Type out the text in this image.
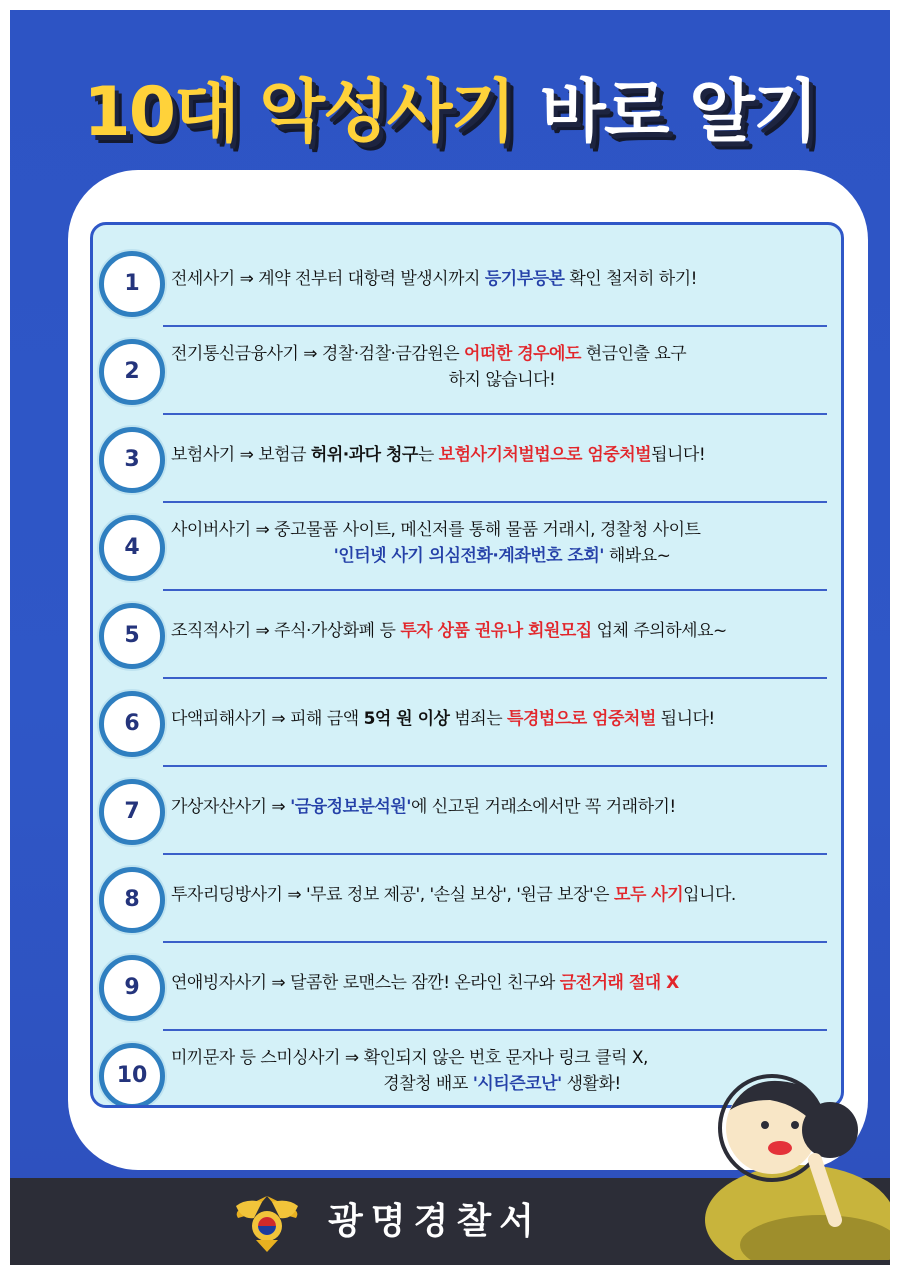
10대 악성사기 바로 알기
1	전세사기 ⇒ 계약 전부터 대항력 발생시까지 등기부등본 확인 철저히 하기!
2
전기통신금융사기 ⇒ 경찰·검찰·금감원은 어떠한 경우에도 현금인출 요구
하지 않습니다!
3	보험사기 ⇒ 보험금 허위·과다 청구는 보험사기처벌법으로 엄중처벌됩니다!
4
사이버사기 ⇒ 중고물품 사이트, 메신저를 통해 물품 거래시, 경찰청 사이트
'인터넷 사기 의심전화·계좌번호 조회' 해봐요~
5	조직적사기 ⇒ 주식·가상화폐 등 투자 상품 권유나 회원모집 업체 주의하세요~
6	다액피해사기 ⇒ 피해 금액 5억 원 이상 범죄는 특경법으로 엄중처벌 됩니다!
7	가상자산사기 ⇒ '금융정보분석원'에 신고된 거래소에서만 꼭 거래하기!
8	투자리딩방사기 ⇒ '무료 정보 제공', '손실 보상', '원금 보장'은 모두 사기입니다.
9	연애빙자사기 ⇒ 달콤한 로맨스는 잠깐! 온라인 친구와 금전거래 절대 X
10
미끼문자 등 스미싱사기 ⇒ 확인되지 않은 번호 문자나 링크 클릭 X,
경찰청 배포 '시티즌코난' 생활화!
광명경찰서
